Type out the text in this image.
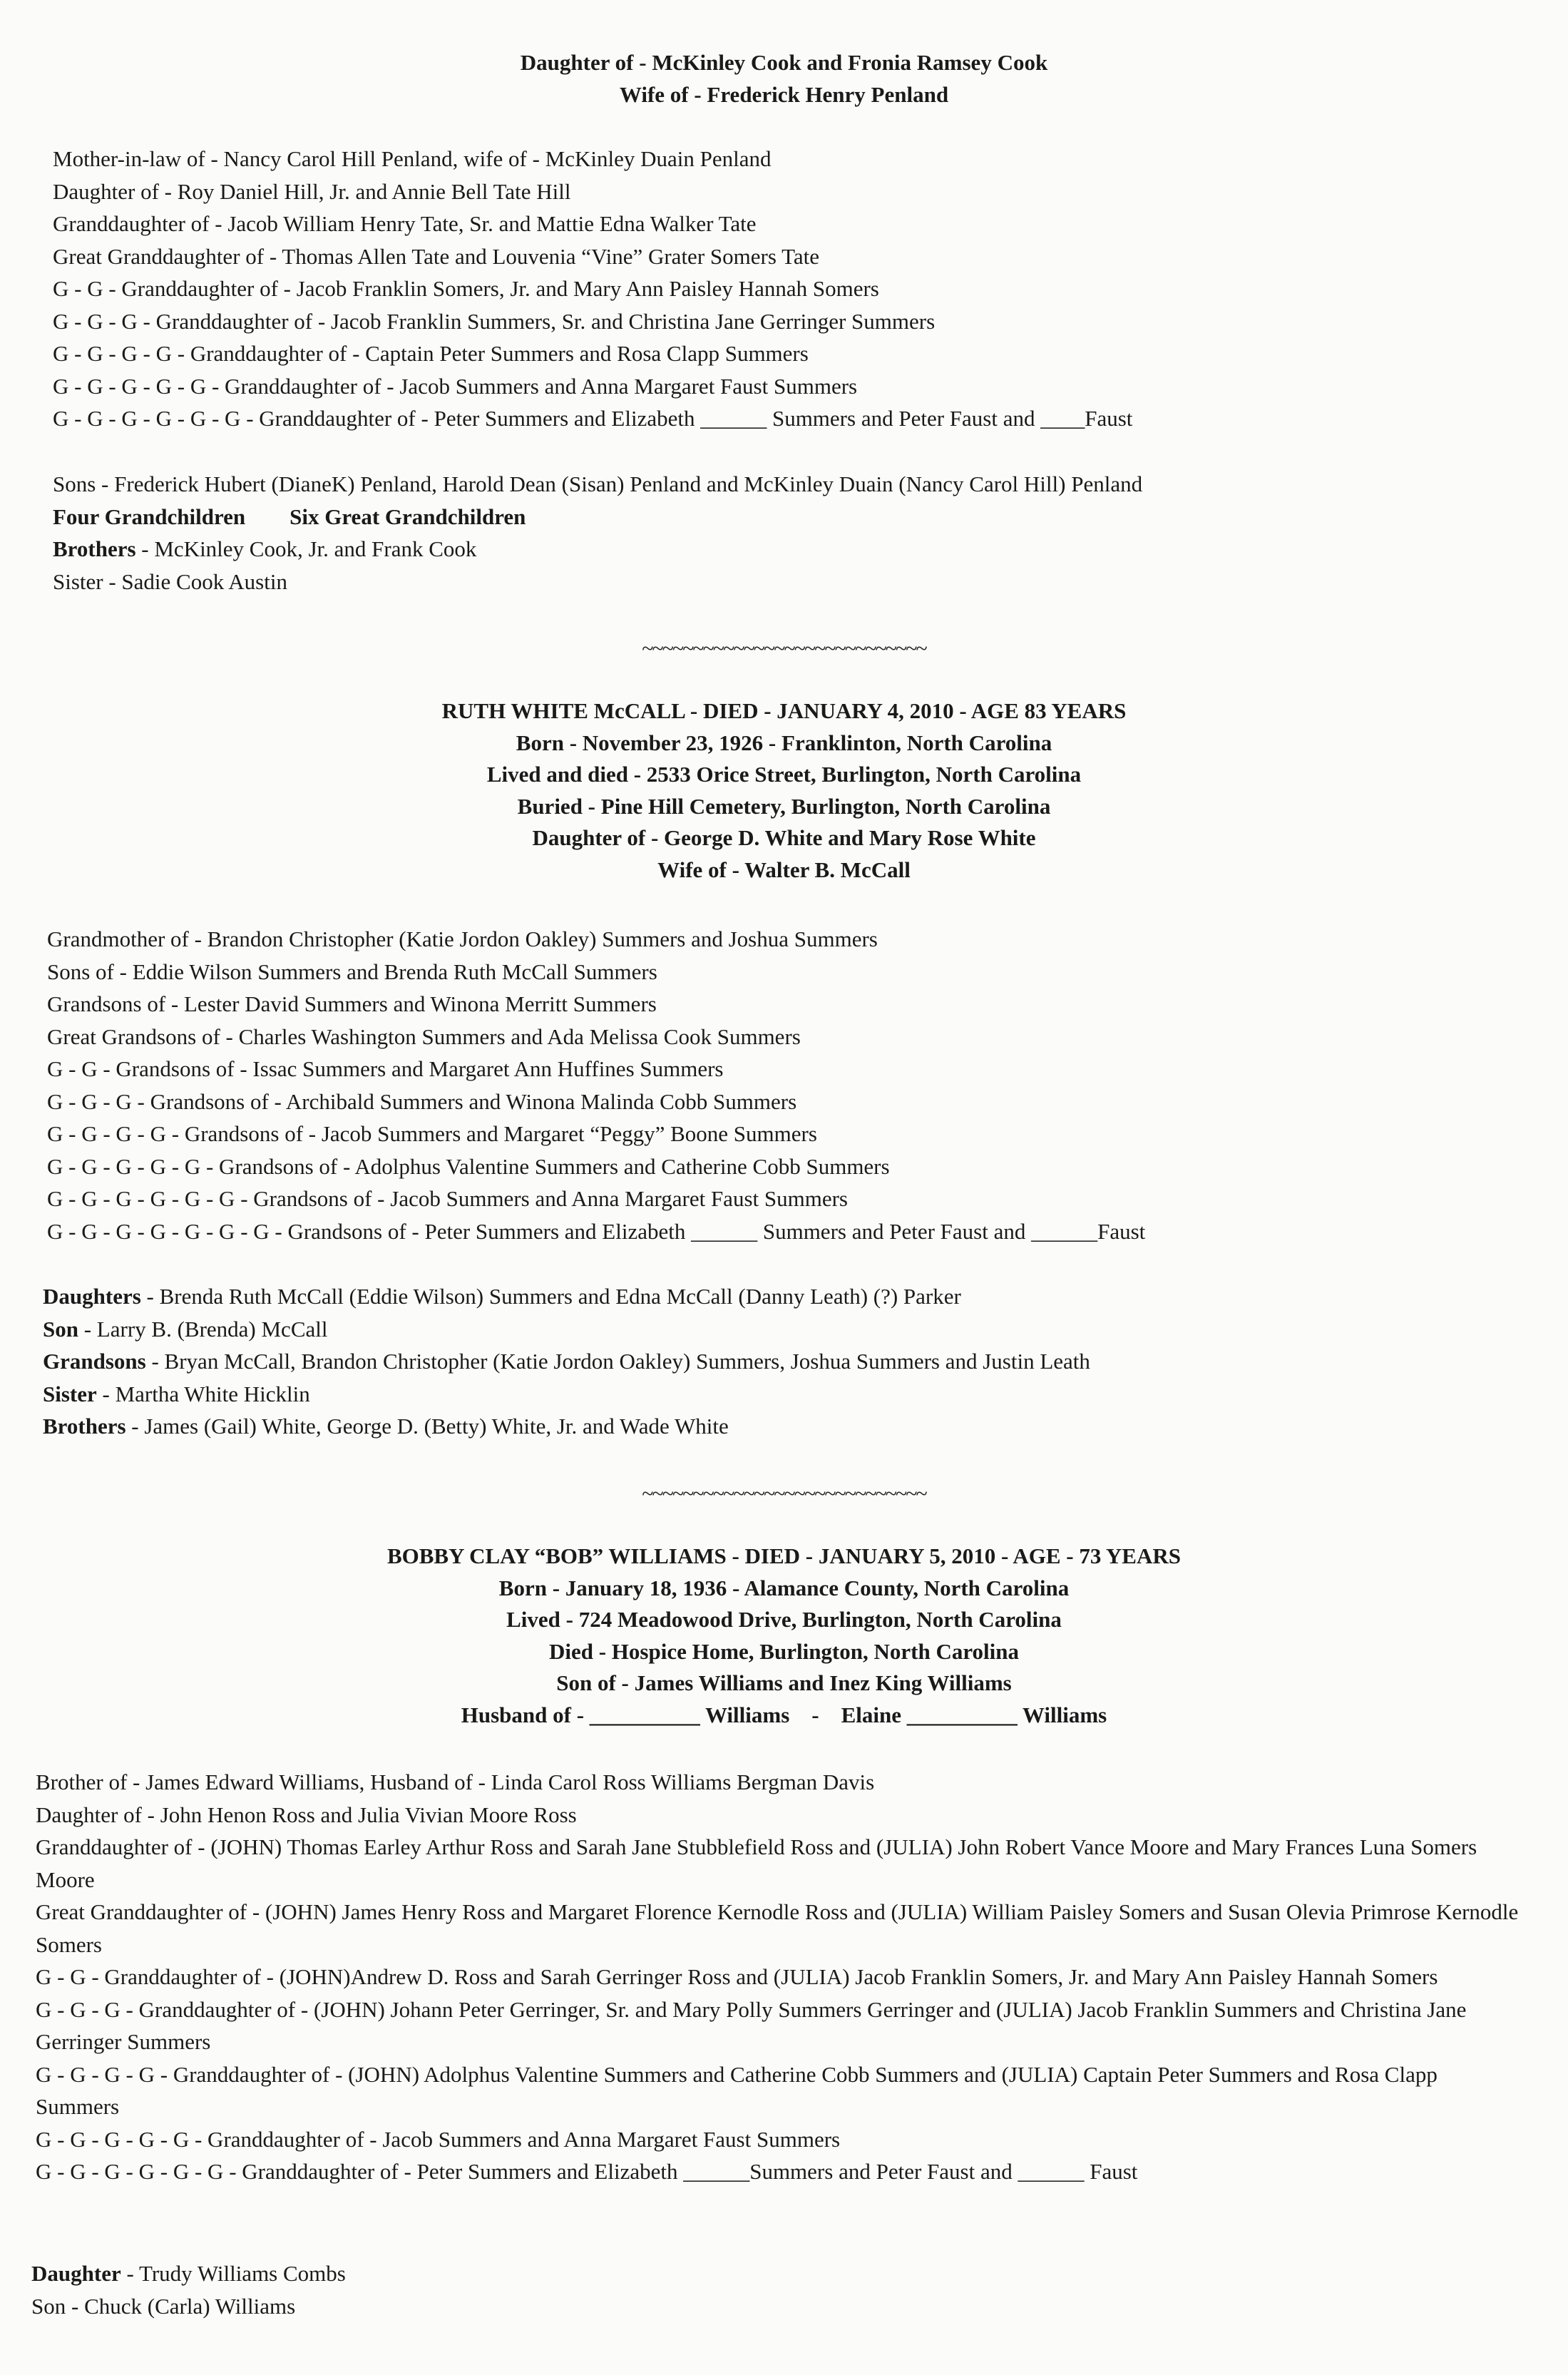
Daughter of - McKinley Cook and Fronia Ramsey Cook
Wife of - Frederick Henry Penland
Mother-in-law of - Nancy Carol Hill Penland, wife of - McKinley Duain Penland
Daughter of - Roy Daniel Hill, Jr. and Annie Bell Tate Hill
Granddaughter of - Jacob William Henry Tate, Sr. and Mattie Edna Walker Tate
Great Granddaughter of - Thomas Allen Tate and Louvenia “Vine” Grater Somers Tate
G - G - Granddaughter of - Jacob Franklin Somers, Jr. and Mary Ann Paisley Hannah Somers
G - G - G - Granddaughter of - Jacob Franklin Summers, Sr. and Christina Jane Gerringer Summers
G - G - G - G - Granddaughter of - Captain Peter Summers and Rosa Clapp Summers
G - G - G - G - G - Granddaughter of - Jacob Summers and Anna Margaret Faust Summers
G - G - G - G - G - G - Granddaughter of - Peter Summers and Elizabeth ______ Summers and Peter Faust and ____Faust
Sons - Frederick Hubert (DianeK) Penland, Harold Dean (Sisan) Penland and McKinley Duain (Nancy Carol Hill) Penland
Four Grandchildren        Six Great Grandchildren
Brothers - McKinley Cook, Jr. and Frank Cook
Sister - Sadie Cook Austin
~~~~~~~~~~~~~~~~~~~~~~~~~~~~
RUTH WHITE McCALL - DIED - JANUARY 4, 2010 - AGE 83 YEARS
Born - November 23, 1926 - Franklinton, North Carolina
Lived and died - 2533 Orice Street, Burlington, North Carolina
Buried - Pine Hill Cemetery, Burlington, North Carolina
Daughter of - George D. White and Mary Rose White
Wife of - Walter B. McCall
Grandmother of - Brandon Christopher (Katie Jordon Oakley) Summers and Joshua Summers
Sons of - Eddie Wilson Summers and Brenda Ruth McCall Summers
Grandsons of - Lester David Summers and Winona Merritt Summers
Great Grandsons of - Charles Washington Summers and Ada Melissa Cook Summers
G - G - Grandsons of - Issac Summers and Margaret Ann Huffines Summers
G - G - G - Grandsons of - Archibald Summers and Winona Malinda Cobb Summers
G - G - G - G - Grandsons of - Jacob Summers and Margaret “Peggy” Boone Summers
G - G - G - G - G - Grandsons of - Adolphus Valentine Summers and Catherine Cobb Summers
G - G - G - G - G - G - Grandsons of - Jacob Summers and Anna Margaret Faust Summers
G - G - G - G - G - G - G - Grandsons of - Peter Summers and Elizabeth ______ Summers and Peter Faust and ______Faust
Daughters - Brenda Ruth McCall (Eddie Wilson) Summers and Edna McCall (Danny Leath) (?) Parker
Son - Larry B. (Brenda) McCall
Grandsons - Bryan McCall, Brandon Christopher (Katie Jordon Oakley) Summers, Joshua Summers and Justin Leath
Sister - Martha White Hicklin
Brothers - James (Gail) White, George D. (Betty) White, Jr. and Wade White
~~~~~~~~~~~~~~~~~~~~~~~~~~~~
BOBBY CLAY “BOB” WILLIAMS - DIED - JANUARY 5, 2010 - AGE - 73 YEARS
Born - January 18, 1936 - Alamance County, North Carolina
Lived - 724 Meadowood Drive, Burlington, North Carolina
Died - Hospice Home, Burlington, North Carolina
Son of - James Williams and Inez King Williams
Husband of - __________ Williams    -    Elaine __________ Williams
Brother of - James Edward Williams, Husband of - Linda Carol Ross Williams Bergman Davis
Daughter of - John Henon Ross and Julia Vivian Moore Ross
Granddaughter of - (JOHN) Thomas Earley Arthur Ross and Sarah Jane Stubblefield Ross and (JULIA) John Robert Vance Moore and Mary Frances Luna Somers Moore
Great Granddaughter of - (JOHN) James Henry Ross and Margaret Florence Kernodle Ross and (JULIA) William Paisley Somers and Susan Olevia Primrose Kernodle Somers
G - G - Granddaughter of - (JOHN)Andrew D. Ross and Sarah Gerringer Ross and (JULIA) Jacob Franklin Somers, Jr. and Mary Ann Paisley Hannah Somers
G - G - G - Granddaughter of - (JOHN) Johann Peter Gerringer, Sr. and Mary Polly Summers Gerringer and (JULIA) Jacob Franklin Summers and Christina Jane Gerringer Summers
G - G - G - G - Granddaughter of - (JOHN) Adolphus Valentine Summers and Catherine Cobb Summers and (JULIA) Captain Peter Summers and Rosa Clapp Summers
G - G - G - G - G - Granddaughter of - Jacob Summers and Anna Margaret Faust Summers
G - G - G - G - G - G - Granddaughter of - Peter Summers and Elizabeth ______Summers and Peter Faust and ______ Faust
Daughter - Trudy Williams Combs
Son - Chuck (Carla) Williams
